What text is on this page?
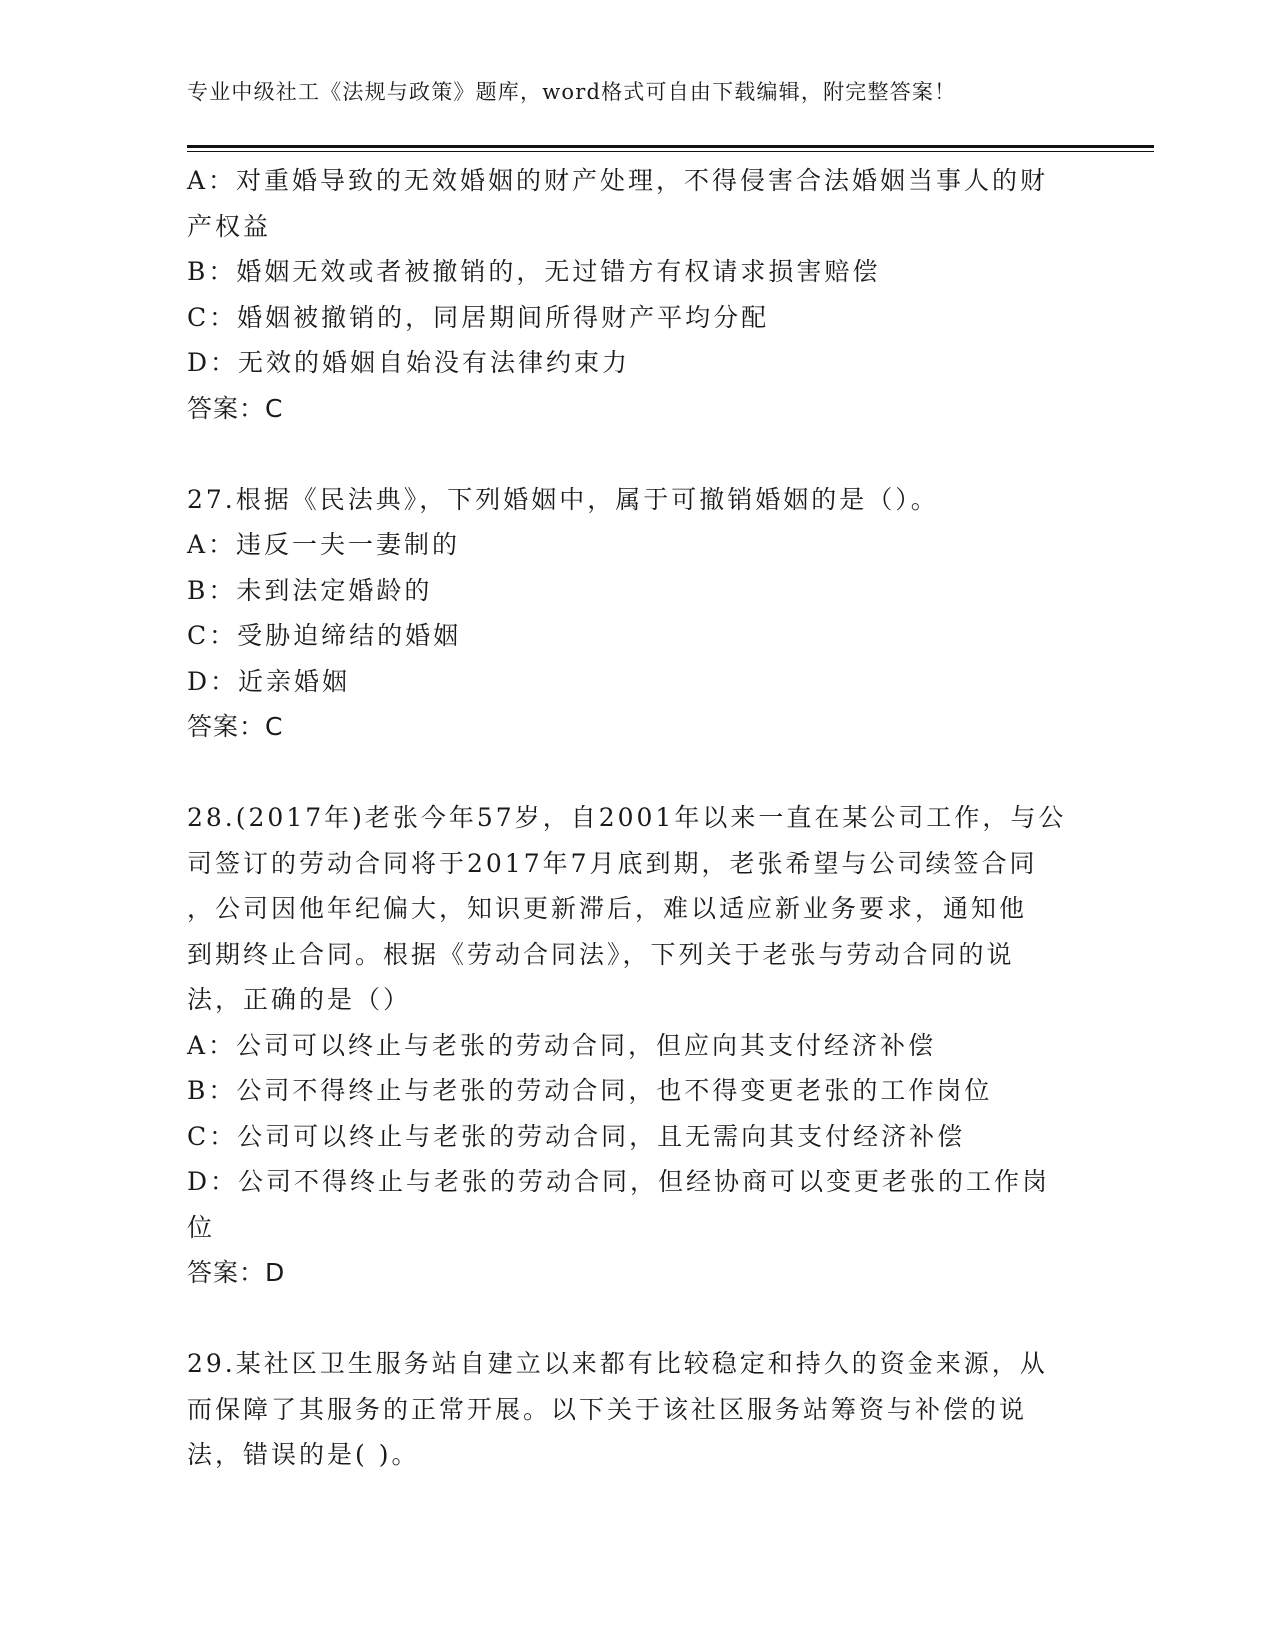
专业中级社工《法规与政策》题库，word格式可自由下载编辑，附完整答案！
A：对重婚导致的无效婚姻的财产处理，不得侵害合法婚姻当事人的财
产权益
B：婚姻无效或者被撤销的，无过错方有权请求损害赔偿
C：婚姻被撤销的，同居期间所得财产平均分配
D：无效的婚姻自始没有法律约束力
答案：C
27.根据《民法典》，下列婚姻中，属于可撤销婚姻的是（）。
A：违反一夫一妻制的
B：未到法定婚龄的
C：受胁迫缔结的婚姻
D：近亲婚姻
答案：C
28.(2017年)老张今年57岁，自2001年以来一直在某公司工作，与公
司签订的劳动合同将于2017年7月底到期，老张希望与公司续签合同
，公司因他年纪偏大，知识更新滞后，难以适应新业务要求，通知他
到期终止合同。根据《劳动合同法》，下列关于老张与劳动合同的说
法，正确的是（）
A：公司可以终止与老张的劳动合同，但应向其支付经济补偿
B：公司不得终止与老张的劳动合同，也不得变更老张的工作岗位
C：公司可以终止与老张的劳动合同，且无需向其支付经济补偿
D：公司不得终止与老张的劳动合同，但经协商可以变更老张的工作岗
位
答案：D
29.某社区卫生服务站自建立以来都有比较稳定和持久的资金来源，从
而保障了其服务的正常开展。以下关于该社区服务站筹资与补偿的说
法，错误的是( )。
